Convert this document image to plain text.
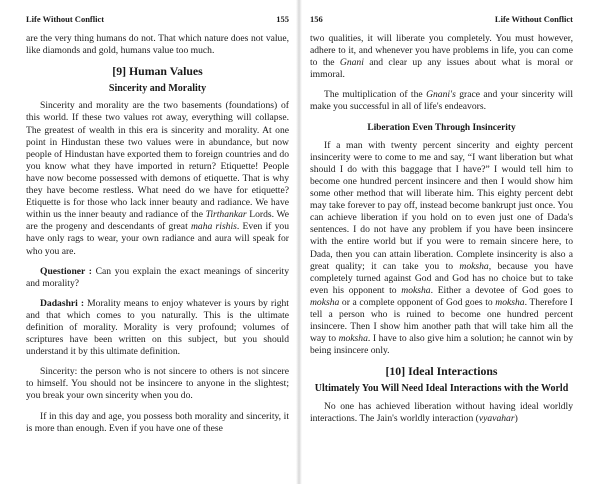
Life Without Conflict	155

are the very thing humans do not. That which nature does not value, like diamonds and gold, humans value too much.

[9] Human Values
Sincerity and Morality

Sincerity and morality are the two basements (foundations) of this world. If these two values rot away, everything will collapse. The greatest of wealth in this era is sincerity and morality. At one point in Hindustan these two values were in abundance, but now people of Hindustan have exported them to foreign countries and do you know what they have imported in return? Etiquette! People have now become possessed with demons of etiquette. That is why they have become restless. What need do we have for etiquette? Etiquette is for those who lack inner beauty and radiance. We have within us the inner beauty and radiance of the Tirthankar Lords. We are the progeny and descendants of great maha rishis. Even if you have only rags to wear, your own radiance and aura will speak for who you are.

Questioner : Can you explain the exact meanings of sincerity and morality?

Dadashri : Morality means to enjoy whatever is yours by right and that which comes to you naturally. This is the ultimate definition of morality. Morality is very profound; volumes of scriptures have been written on this subject, but you should understand it by this ultimate definition.

Sincerity: the person who is not sincere to others is not sincere to himself. You should not be insincere to anyone in the slightest; you break your own sincerity when you do.

If in this day and age, you possess both morality and sincerity, it is more than enough. Even if you have one of these

156	Life Without Conflict

two qualities, it will liberate you completely. You must however, adhere to it, and whenever you have problems in life, you can come to the Gnani and clear up any issues about what is moral or immoral.

The multiplication of the Gnani's grace and your sincerity will make you successful in all of life's endeavors.

Liberation Even Through Insincerity

If a man with twenty percent sincerity and eighty percent insincerity were to come to me and say, “I want liberation but what should I do with this baggage that I have?” I would tell him to become one hundred percent insincere and then I would show him some other method that will liberate him. This eighty percent debt may take forever to pay off, instead become bankrupt just once. You can achieve liberation if you hold on to even just one of Dada's sentences. I do not have any problem if you have been insincere with the entire world but if you were to remain sincere here, to Dada, then you can attain liberation. Complete insincerity is also a great quality; it can take you to moksha, because you have completely turned against God and God has no choice but to take even his opponent to moksha. Either a devotee of God goes to moksha or a complete opponent of God goes to moksha. Therefore I tell a person who is ruined to become one hundred percent insincere. Then I show him another path that will take him all the way to moksha. I have to also give him a solution; he cannot win by being insincere only.

[10] Ideal Interactions
Ultimately You Will Need Ideal Interactions with the World

No one has achieved liberation without having ideal worldly interactions. The Jain's worldly interaction (vyavahar)
